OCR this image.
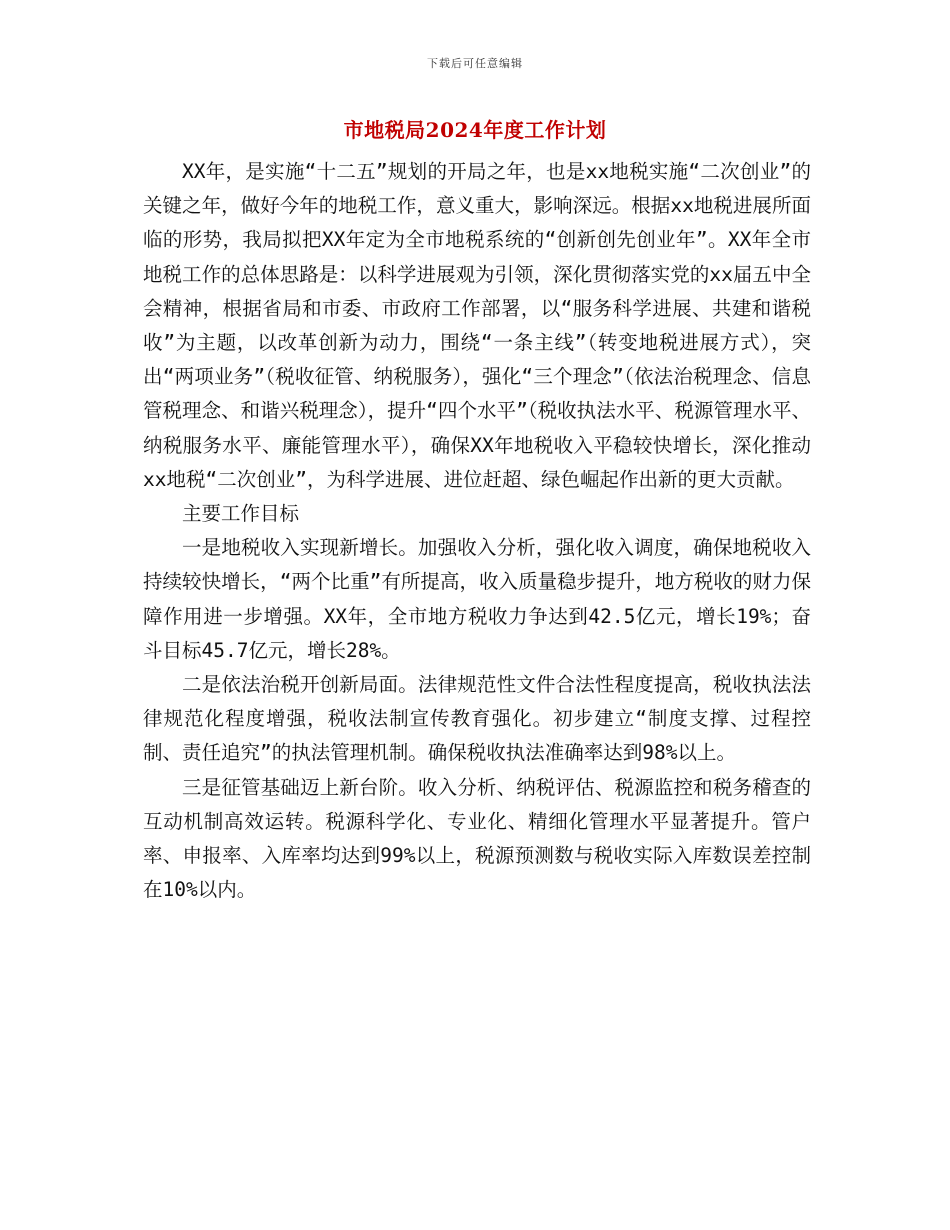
下载后可任意编辑
市地税局2024年度工作计划

XX年，是实施“十二五”规划的开局之年，也是xx地税实施“二次创业”的关键之年，做好今年的地税工作，意义重大，影响深远。根据xx地税进展所面临的形势，我局拟把XX年定为全市地税系统的“创新创先创业年”。XX年全市地税工作的总体思路是：以科学进展观为引领，深化贯彻落实党的xx届五中全会精神，根据省局和市委、市政府工作部署，以“服务科学进展、共建和谐税收”为主题，以改革创新为动力，围绕“一条主线”（转变地税进展方式），突出“两项业务”（税收征管、纳税服务），强化“三个理念”（依法治税理念、信息管税理念、和谐兴税理念），提升“四个水平”（税收执法水平、税源管理水平、纳税服务水平、廉能管理水平），确保XX年地税收入平稳较快增长，深化推动xx地税“二次创业”，为科学进展、进位赶超、绿色崛起作出新的更大贡献。

主要工作目标

一是地税收入实现新增长。加强收入分析，强化收入调度，确保地税收入持续较快增长，“两个比重”有所提高，收入质量稳步提升，地方税收的财力保障作用进一步增强。XX年，全市地方税收力争达到42.5亿元，增长19%；奋斗目标45.7亿元，增长28%。

二是依法治税开创新局面。法律规范性文件合法性程度提高，税收执法法律规范化程度增强，税收法制宣传教育强化。初步建立“制度支撑、过程控制、责任追究”的执法管理机制。确保税收执法准确率达到98%以上。

三是征管基础迈上新台阶。收入分析、纳税评估、税源监控和税务稽查的互动机制高效运转。税源科学化、专业化、精细化管理水平显著提升。管户率、申报率、入库率均达到99%以上，税源预测数与税收实际入库数误差控制在10%以内。
